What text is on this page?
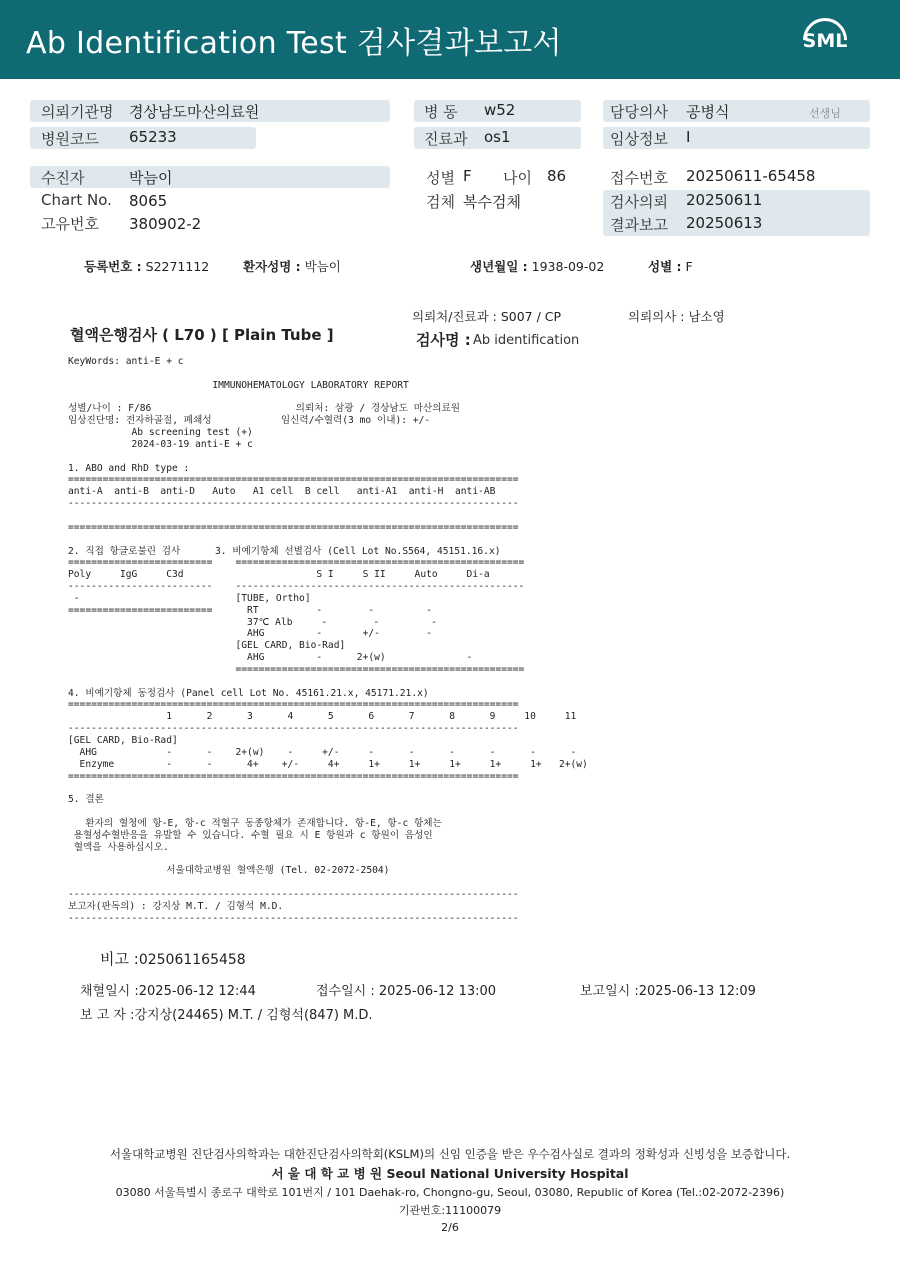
Ab Identification Test 검사결과보고서	SML
의뢰기관명 경상남도마산의료원
병원코드 65233
병 동 w52
진료과 os1
담당의사 공병식	선생님
임상정보 I
수진자	박늠이
Chart No. 8065
고유번호 380902-2
성별 F 나이 86
검체 복수검체
접수번호 20250611-65458
검사의뢰 20250611
결과보고 20250613
등록번호 : S2271112	환자성명 : 박늠이	생년월일 : 1938-09-02	성별 : F
의뢰처/진료과 : S007 / CP	의뢰의사 : 남소영
혈액은행검사 ( L70 ) [ Plain Tube ]	검사명 : Ab identification
KeyWords: anti-E + c

IMMUNOHEMATOLOGY LABORATORY REPORT

성별/나이 : F/86                         의뢰처: 삼광 / 경상남도 마산의료원
임상진단명: 전자하골절, 폐쇄성            임신력/수혈력(3 mo 이내): +/-
Ab screening test (+)
2024-03-19 anti-E + c

1. ABO and RhD type :
==============================================================================
anti-A  anti-B  anti-D   Auto   A1 cell  B cell   anti-A1  anti-H  anti-AB
------------------------------------------------------------------------------

==============================================================================

2. 직접 항글로불린 검사      3. 비예기항체 선별검사 (Cell Lot No.S564, 45151.16.x)
=========================    ==================================================
Poly     IgG     C3d                       S I     S II     Auto     Di-a
-------------------------    --------------------------------------------------
-                           [TUBE, Ortho]
=========================      RT          -        -         -
37℃ Alb     -        -         -
AHG         -       +/-        -
[GEL CARD, Bio-Rad]
AHG         -      2+(w)              -
==================================================

4. 비예기항체 동정검사 (Panel cell Lot No. 45161.21.x, 45171.21.x)
==============================================================================
1      2      3      4      5      6      7      8      9     10     11
------------------------------------------------------------------------------
[GEL CARD, Bio-Rad]
AHG            -      -    2+(w)    -     +/-     -      -      -      -      -      -
Enzyme         -      -      4+    +/-     4+     1+     1+     1+     1+     1+   2+(w)
==============================================================================

5. 결론

환자의 혈청에 항-E, 항-c 적혈구 동종항체가 존재합니다. 항-E, 항-c 항체는
용혈성수혈반응을 유발할 수 있습니다. 수혈 필요 시 E 항원과 c 항원이 음성인
혈액을 사용하십시오.

서울대학교병원 혈액은행 (Tel. 02-2072-2504)

------------------------------------------------------------------------------
보고자(판독의) : 강지상 M.T. / 김형석 M.D.
------------------------------------------------------------------------------
비고 :025061165458
채혈일시 :2025-06-12 12:44	접수일시 : 2025-06-12 13:00	보고일시 :2025-06-13 12:09
보 고 자 :강지상(24465) M.T. / 김형석(847) M.D.
서울대학교병원 진단검사의학과는 대한진단검사의학회(KSLM)의 신임 인증을 받은 우수검사실로 결과의 정확성과 신빙성을 보증합니다.
서 울 대 학 교 병 원 Seoul National University Hospital
03080 서울특별시 종로구 대학로 101번지 / 101 Daehak-ro, Chongno-gu, Seoul, 03080, Republic of Korea (Tel.:02-2072-2396)
기관번호:11100079
2/6
